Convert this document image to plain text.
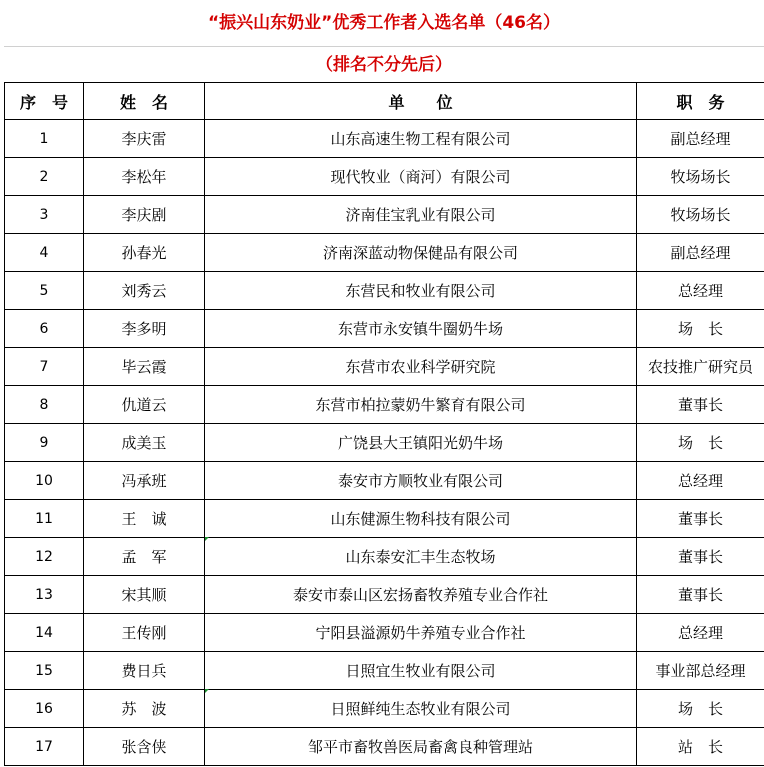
“振兴山东奶业”优秀工作者入选名单（46名）
（排名不分先后）
序　号	姓　名	单　　位	职　务
1	李庆雷	山东高速生物工程有限公司	副总经理
2	李松年	现代牧业（商河）有限公司	牧场场长
3	李庆剧	济南佳宝乳业有限公司	牧场场长
4	孙春光	济南深蓝动物保健品有限公司	副总经理
5	刘秀云	东营民和牧业有限公司	总经理
6	李多明	东营市永安镇牛圈奶牛场	场　长
7	毕云霞	东营市农业科学研究院	农技推广研究员
8	仇道云	东营市柏拉蒙奶牛繁育有限公司	董事长
9	成美玉	广饶县大王镇阳光奶牛场	场　长
10	冯承班	泰安市方顺牧业有限公司	总经理
11	王　诚	山东健源生物科技有限公司	董事长
12	孟　军	山东泰安汇丰生态牧场	董事长
13	宋其顺	泰安市泰山区宏扬畜牧养殖专业合作社	董事长
14	王传刚	宁阳县溢源奶牛养殖专业合作社	总经理
15	费日兵	日照宜生牧业有限公司	事业部总经理
16	苏　波	日照鲜纯生态牧业有限公司	场　长
17	张含侠	邹平市畜牧兽医局畜禽良种管理站	站　长
